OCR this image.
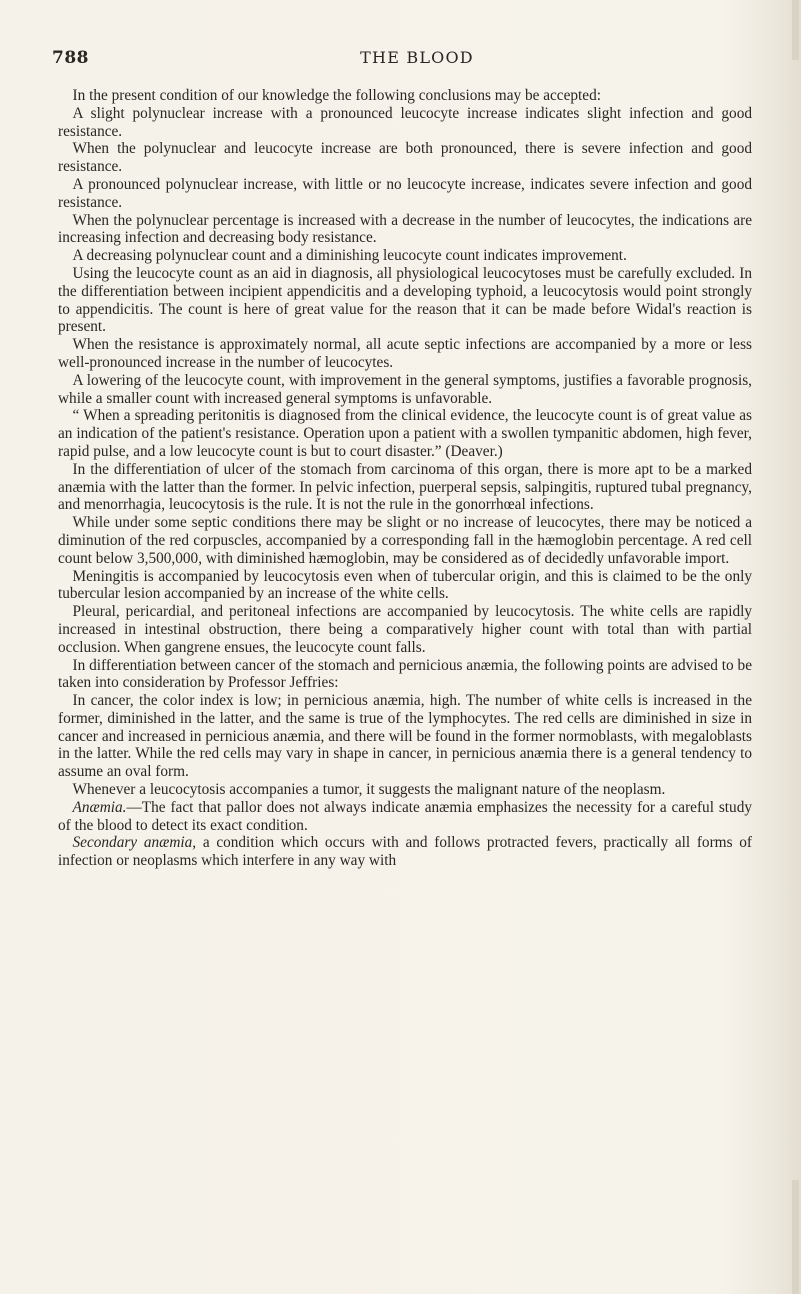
788	THE BLOOD

In the present condition of our knowledge the following conclusions may be accepted:

A slight polynuclear increase with a pronounced leucocyte increase indicates slight infection and good resistance.

When the polynuclear and leucocyte increase are both pronounced, there is severe infection and good resistance.

A pronounced polynuclear increase, with little or no leucocyte increase, indicates severe infection and good resistance.

When the polynuclear percentage is increased with a decrease in the number of leucocytes, the indications are increasing infection and decreasing body resistance.

A decreasing polynuclear count and a diminishing leucocyte count indicates improvement.

Using the leucocyte count as an aid in diagnosis, all physiological leucocytoses must be carefully excluded. In the differentiation between incipient appendicitis and a developing typhoid, a leucocytosis would point strongly to appendicitis. The count is here of great value for the reason that it can be made before Widal's reaction is present.

When the resistance is approximately normal, all acute septic infections are accompanied by a more or less well-pronounced increase in the number of leucocytes.

A lowering of the leucocyte count, with improvement in the general symptoms, justifies a favorable prognosis, while a smaller count with increased general symptoms is unfavorable.

“ When a spreading peritonitis is diagnosed from the clinical evidence, the leucocyte count is of great value as an indication of the patient's resistance. Operation upon a patient with a swollen tympanitic abdomen, high fever, rapid pulse, and a low leucocyte count is but to court disaster.” (Deaver.)

In the differentiation of ulcer of the stomach from carcinoma of this organ, there is more apt to be a marked anæmia with the latter than the former. In pelvic infection, puerperal sepsis, salpingitis, ruptured tubal pregnancy, and menorrhagia, leucocytosis is the rule. It is not the rule in the gonorrhœal infections.

While under some septic conditions there may be slight or no increase of leucocytes, there may be noticed a diminution of the red corpuscles, accompanied by a corresponding fall in the hæmoglobin percentage. A red cell count below 3,500,000, with diminished hæmoglobin, may be considered as of decidedly unfavorable import.

Meningitis is accompanied by leucocytosis even when of tubercular origin, and this is claimed to be the only tubercular lesion accompanied by an increase of the white cells.

Pleural, pericardial, and peritoneal infections are accompanied by leucocytosis. The white cells are rapidly increased in intestinal obstruction, there being a comparatively higher count with total than with partial occlusion. When gangrene ensues, the leucocyte count falls.

In differentiation between cancer of the stomach and pernicious anæmia, the following points are advised to be taken into consideration by Professor Jeffries:

In cancer, the color index is low; in pernicious anæmia, high. The number of white cells is increased in the former, diminished in the latter, and the same is true of the lymphocytes. The red cells are diminished in size in cancer and increased in pernicious anæmia, and there will be found in the former normoblasts, with megaloblasts in the latter. While the red cells may vary in shape in cancer, in pernicious anæmia there is a general tendency to assume an oval form.

Whenever a leucocytosis accompanies a tumor, it suggests the malignant nature of the neoplasm.

Anæmia.—The fact that pallor does not always indicate anæmia emphasizes the necessity for a careful study of the blood to detect its exact condition.

Secondary anæmia, a condition which occurs with and follows protracted fevers, practically all forms of infection or neoplasms which interfere in any way with
